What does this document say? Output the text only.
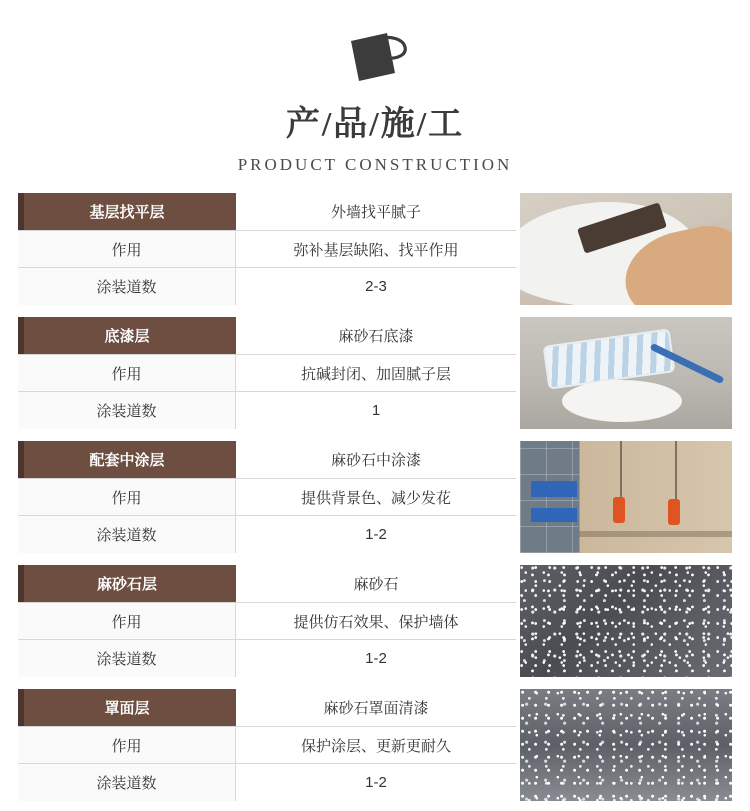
产/品/施/工
PRODUCT CONSTRUCTION
基层找平层	外墙找平腻子
作用	弥补基层缺陷、找平作用
涂装道数	2-3
底漆层	麻砂石底漆
作用	抗碱封闭、加固腻子层
涂装道数	1
配套中涂层	麻砂石中涂漆
作用	提供背景色、减少发花
涂装道数	1-2
麻砂石层	麻砂石
作用	提供仿石效果、保护墙体
涂装道数	1-2
罩面层	麻砂石罩面清漆
作用	保护涂层、更新更耐久
涂装道数	1-2
